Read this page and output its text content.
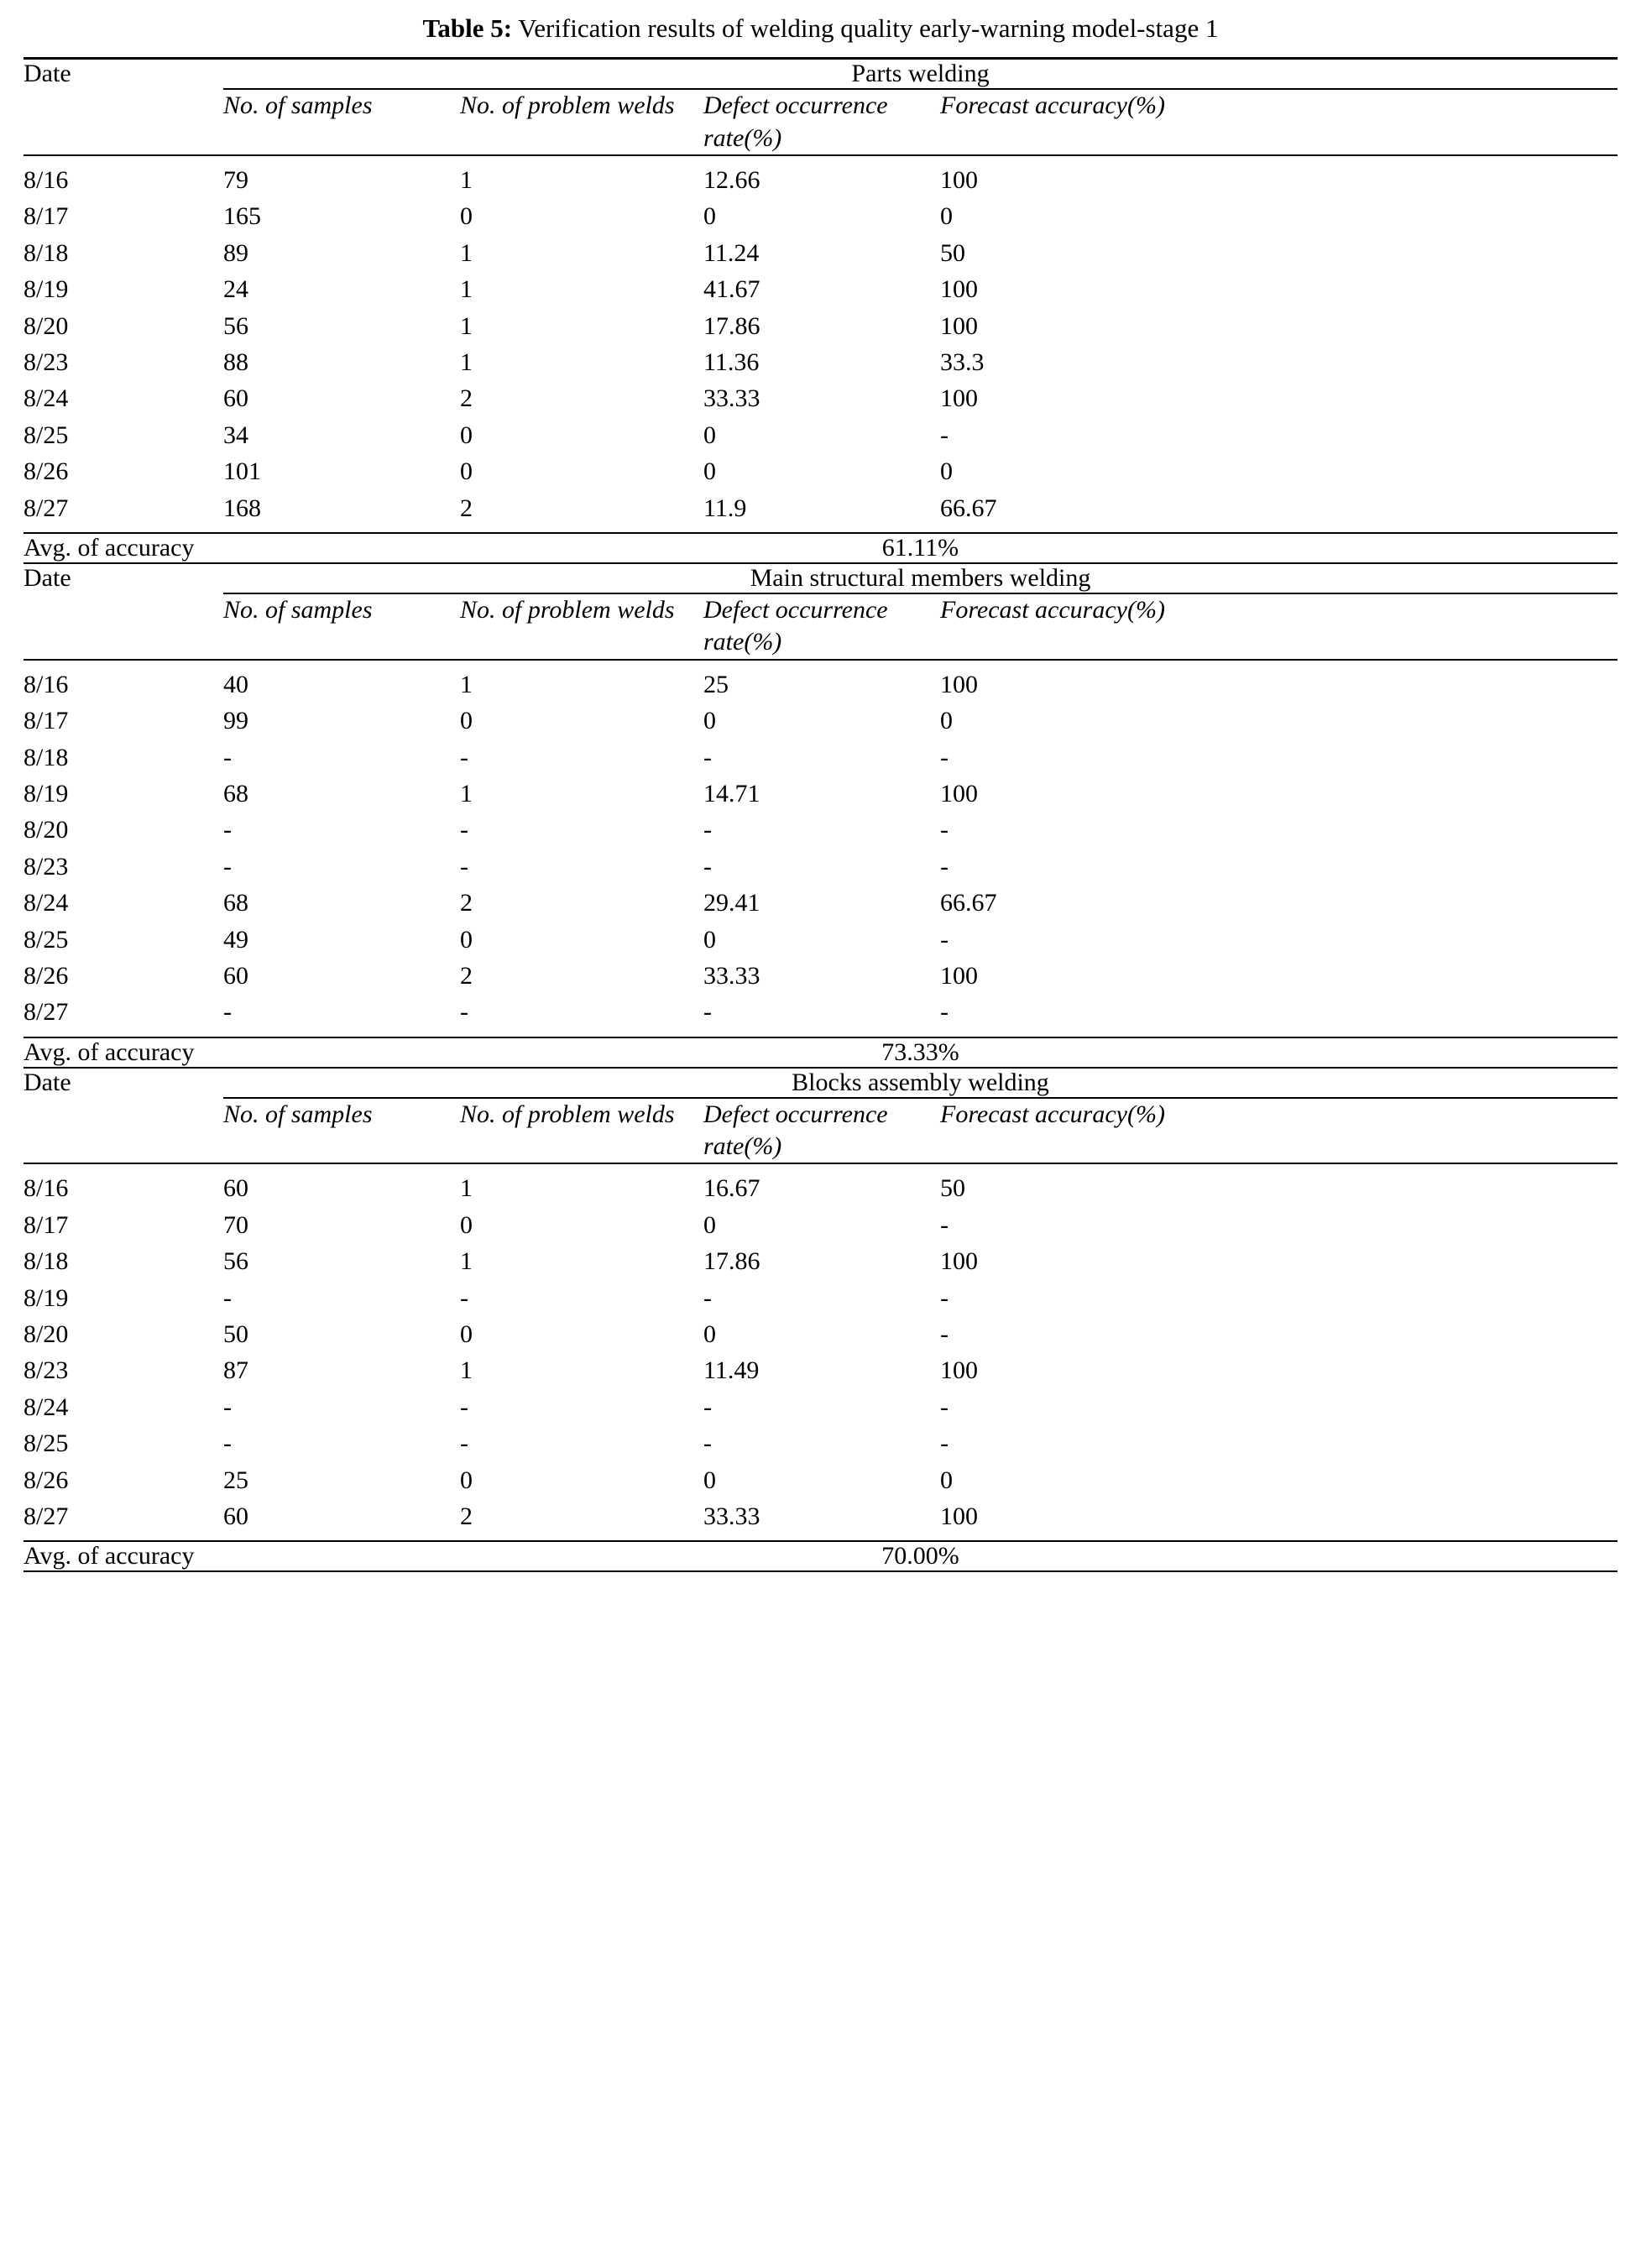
Table 5: Verification results of welding quality early-warning model-stage 1
Date	Parts welding			

	No. of samples	No. of problem welds	Defect occurrence rate(%)	Forecast accuracy(%)

8/16	79	1	12.66	100
8/17	165	0	0	0
8/18	89	1	11.24	50
8/19	24	1	41.67	100
8/20	56	1	17.86	100
8/23	88	1	11.36	33.3
8/24	60	2	33.33	100
8/25	34	0	0	-
8/26	101	0	0	0
8/27	168	2	11.9	66.67
Avg. of accuracy	61.11%			
Date	Main structural members welding			

	No. of samples	No. of problem welds	Defect occurrence rate(%)	Forecast accuracy(%)

8/16	40	1	25	100
8/17	99	0	0	0
8/18	-	-	-	-
8/19	68	1	14.71	100
8/20	-	-	-	-
8/23	-	-	-	-
8/24	68	2	29.41	66.67
8/25	49	0	0	-
8/26	60	2	33.33	100
8/27	-	-	-	-
Avg. of accuracy	73.33%			
Date	Blocks assembly welding			

	No. of samples	No. of problem welds	Defect occurrence rate(%)	Forecast accuracy(%)

8/16	60	1	16.67	50
8/17	70	0	0	-
8/18	56	1	17.86	100
8/19	-	-	-	-
8/20	50	0	0	-
8/23	87	1	11.49	100
8/24	-	-	-	-
8/25	-	-	-	-
8/26	25	0	0	0
8/27	60	2	33.33	100
Avg. of accuracy	70.00%			
